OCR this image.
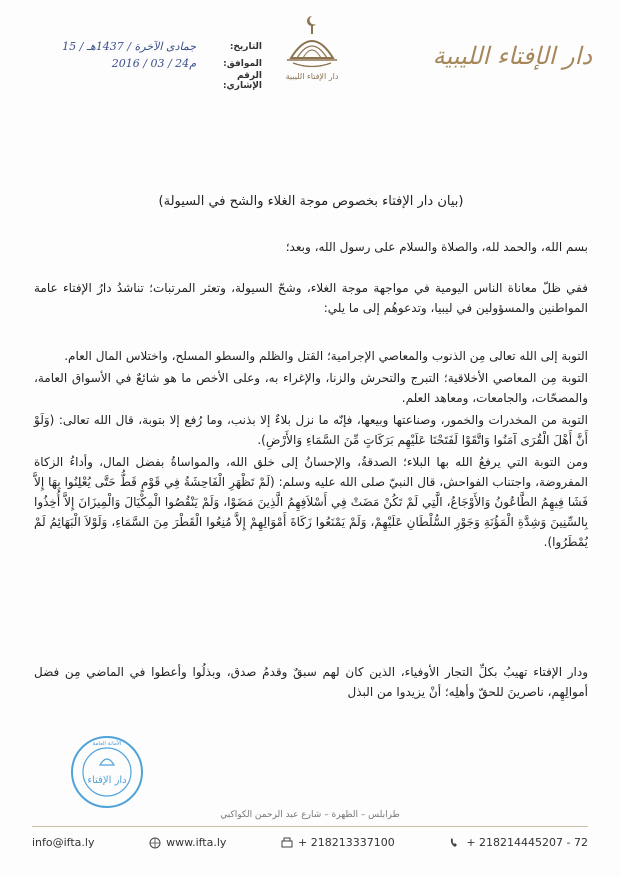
دار الإفتاء الليبية
دار الإفتاء الليبية
التاريخ:
15 / جمادى الآخرة / 1437هـ
الموافق:
2016 / 03 / 24م
الرقم الإشاري:
(بيان دار الإفتاء بخصوص موجة الغلاء والشح في السيولة)
بسم الله، والحمد لله، والصلاة والسلام على رسول الله، وبعد؛

ففي ظلّ معاناة الناس اليومية في مواجهة موجة الغلاء، وشحّ السيولة، وتعثر المرتبات؛ تناشدُ دارُ الإفتاء عامة المواطنين والمسؤولين في ليبيا، وتدعوهُم إلى ما يلي:

التوبة إلى الله تعالى مِن الذنوب والمعاصي الإجرامية؛ القتل والظلم والسطو المسلح، واختلاس المال العام.

التوبة مِن المعاصي الأخلاقية؛ التبرج والتحرش والزنا، والإغراء به، وعلى الأخص ما هو شائعٌ في الأسواق العامة، والمصحّات، والجامعات، ومعاهد العلم.

التوبة من المخدرات والخمور، وصناعتها وبيعها، فإنّه ما نزل بلاءٌ إلا بذنب، وما رُفع إلا بتوبة، قال الله تعالى: (وَلَوْ أَنَّ أَهْلَ الْقُرَى آمَنُوا وَاتَّقَوْا لَفَتَحْنَا عَلَيْهِم بَرَكَاتٍ مِّنَ السَّمَاءِ وَالأَرْضِ).

ومن التوبة التي يرفعُ الله بها البلاء؛ الصدقةُ، والإحسانُ إلى خلق الله، والمواساةُ بفضل المال، وأداءُ الزكاة المفروضة، واجتناب الفواحش، قال النبيّ صلى الله عليه وسلم: (لَمْ تَظْهَرِ الْفَاحِشَةُ فِي قَوْمٍ قَطُّ حَتَّى يُعْلِنُوا بِهَا إِلاَّ فَشَا فِيهِمُ الطَّاعُونُ وَالأَوْجَاعُ، الَّتِي لَمْ تَكُنْ مَضَتْ فِي أَسْلاَفِهِمُ الَّذِينَ مَضَوْا، وَلَمْ يَنْقُصُوا الْمِكْيَالَ وَالْمِيزَانَ إِلاَّ أُخِذُوا بِالسِّنِينَ وَشِدَّةِ الْمَؤُنَةِ وَجَوْرِ السُّلْطَانِ عَلَيْهِمْ، وَلَمْ يَمْنَعُوا زَكَاةَ أَمْوَالِهِمْ إِلاَّ مُنِعُوا الْقَطْرَ مِنَ السَّمَاءِ، وَلَوْلاَ الْبَهَائِمُ لَمْ يُمْطَرُوا).

ودار الإفتاء تهيبُ بكلِّ التجار الأوفياء، الذين كان لهم سبقٌ وقدمُ صدق، وبذلُوا وأعطوا في الماضي مِن فضل أموالِهِم، ناصرينَ للحقّ وأهلِه؛ أنْ يزيدوا من البذل

دار الإفتاء
الأمانة العامة
طرابلس – الظهرة – شارع عبد الرحمن الكواكبي
info@ifta.ly	www.ifta.ly	+ 218213337100	+ 218214445207 - 72
